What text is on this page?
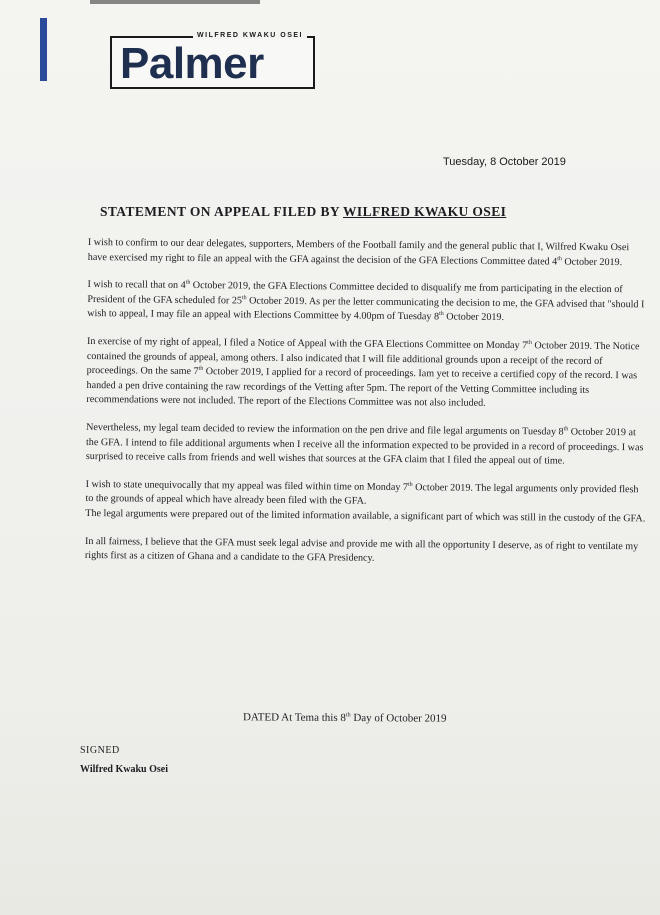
WILFRED KWAKU OSEI
Palmer
Tuesday, 8 October 2019
STATEMENT ON APPEAL FILED BY WILFRED KWAKU OSEI

I wish to confirm to our dear delegates, supporters, Members of the Football family and the general public that I, Wilfred Kwaku Osei have exercised my right to file an appeal with the GFA against the decision of the GFA Elections Committee dated 4th October 2019.

I wish to recall that on 4th October 2019, the GFA Elections Committee decided to disqualify me from participating in the election of President of the GFA scheduled for 25th October 2019. As per the letter communicating the decision to me, the GFA advised that "should I wish to appeal, I may file an appeal with Elections Committee by 4.00pm of Tuesday 8th October 2019.

In exercise of my right of appeal, I filed a Notice of Appeal with the GFA Elections Committee on Monday 7th October 2019. The Notice contained the grounds of appeal, among others. I also indicated that I will file additional grounds upon a receipt of the record of proceedings. On the same 7th October 2019, I applied for a record of proceedings. Iam yet to receive a certified copy of the record. I was handed a pen drive containing the raw recordings of the Vetting after 5pm. The report of the Vetting Committee including its recommendations were not included. The report of the Elections Committee was not also included.

Nevertheless, my legal team decided to review the information on the pen drive and file legal arguments on Tuesday 8th October 2019 at the GFA. I intend to file additional arguments when I receive all the information expected to be provided in a record of proceedings. I was surprised to receive calls from friends and well wishes that sources at the GFA claim that I filed the appeal out of time.

I wish to state unequivocally that my appeal was filed within time on Monday 7th October 2019. The legal arguments only provided flesh to the grounds of appeal which have already been filed with the GFA.
The legal arguments were prepared out of the limited information available, a significant part of which was still in the custody of the GFA.

In all fairness, I believe that the GFA must seek legal advise and provide me with all the opportunity I deserve, as of right to ventilate my rights first as a citizen of Ghana and a candidate to the GFA Presidency.

DATED At Tema this 8th Day of October 2019
SIGNED
Wilfred Kwaku Osei
